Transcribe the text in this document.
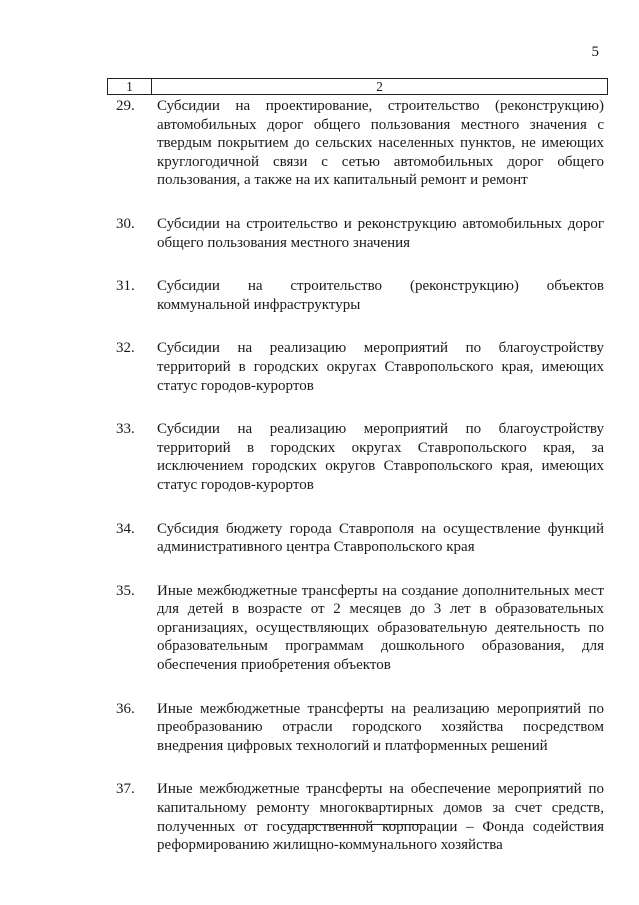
5
1	2
29.	Субсидии на проектирование, строительство (реконструкцию) автомобильных дорог общего пользования местного значения с твердым покрытием до сельских населенных пунктов, не имеющих круглогодичной связи с сетью автомобильных дорог общего пользования, а также на их капитальный ремонт и ремонт
30.	Субсидии на строительство и реконструкцию автомобильных дорог общего пользования местного значения
31.	Субсидии на строительство (реконструкцию) объектов коммунальной инфраструктуры
32.	Субсидии на реализацию мероприятий по благоустройству территорий в городских округах Ставропольского края, имеющих статус городов-курортов
33.	Субсидии на реализацию мероприятий по благоустройству территорий в городских округах Ставропольского края, за исключением городских округов Ставропольского края, имеющих статус городов-курортов
34.	Субсидия бюджету города Ставрополя на осуществление функций административного центра Ставропольского края
35.	Иные межбюджетные трансферты на создание дополнительных мест для детей в возрасте от 2 месяцев до 3 лет в образовательных организациях, осуществляющих образовательную деятельность по образовательным программам дошкольного образования, для обеспечения приобретения объектов
36.	Иные межбюджетные трансферты на реализацию мероприятий по преобразованию отрасли городского хозяйства посредством внедрения цифровых технологий и платформенных решений
37.	Иные межбюджетные трансферты на обеспечение мероприятий по капитальному ремонту многоквартирных домов за счет средств, полученных от государственной корпорации – Фонда содействия реформированию жилищно-коммунального хозяйства
